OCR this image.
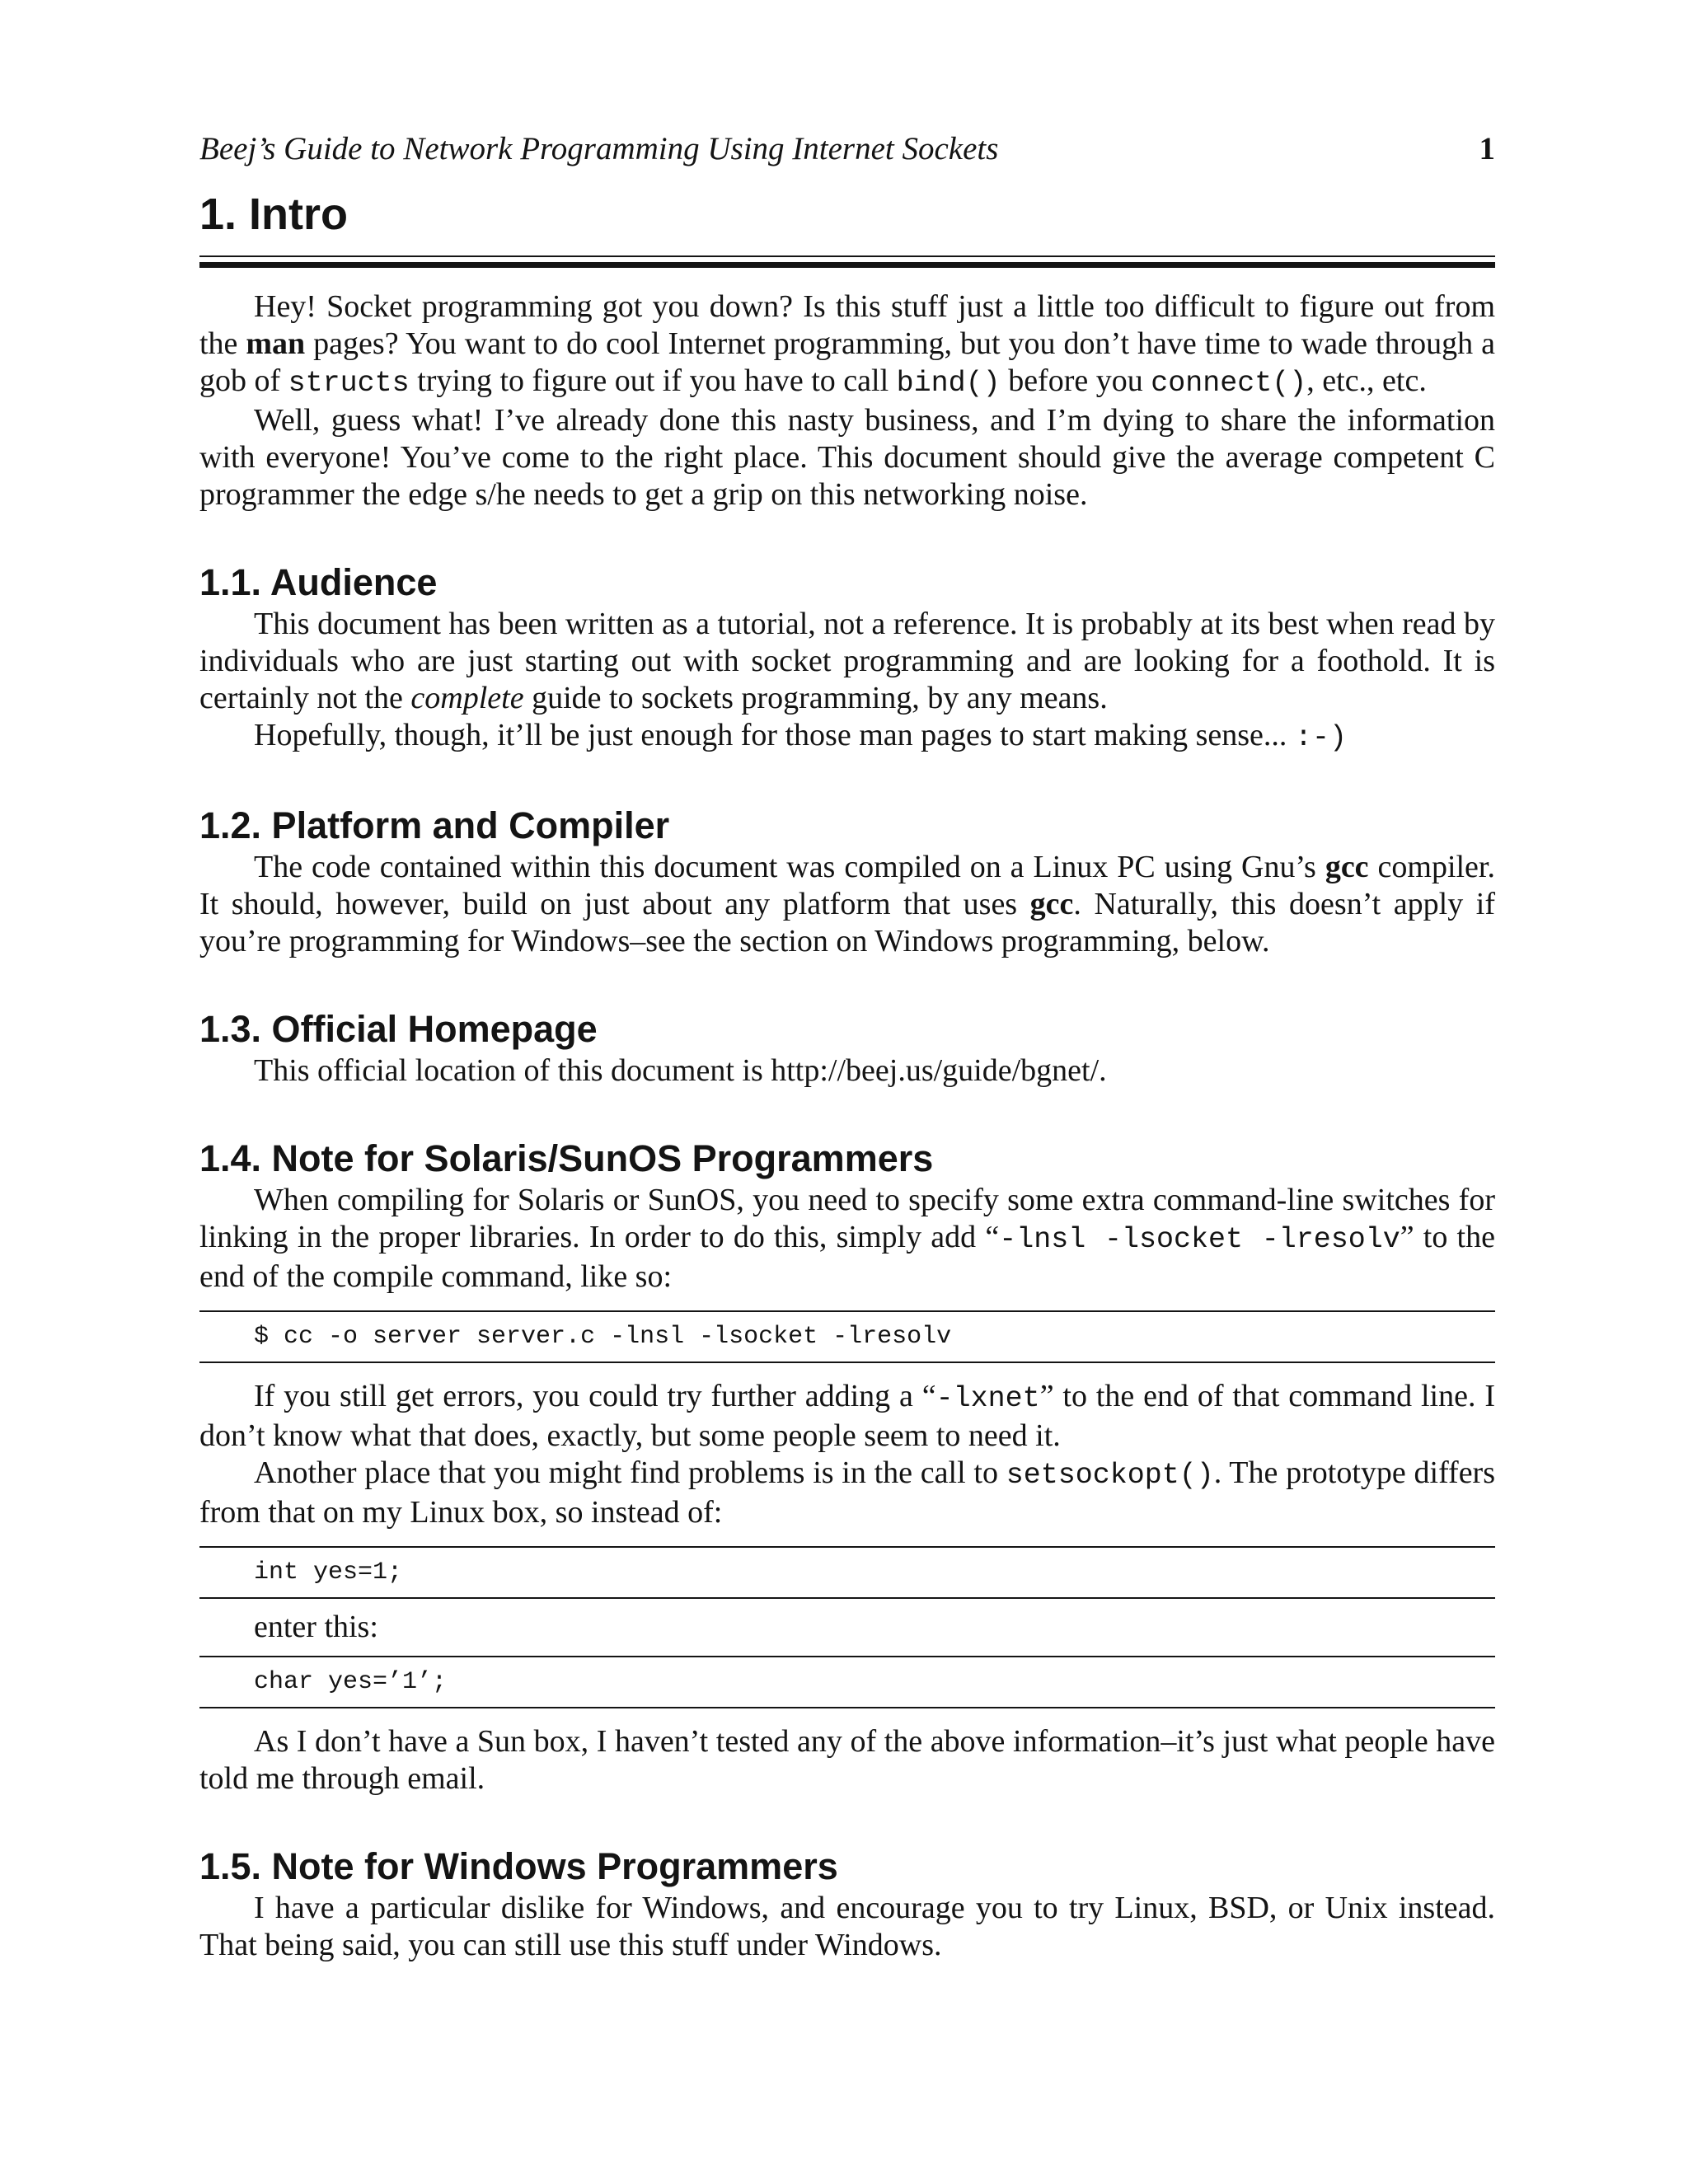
Beej’s Guide to Network Programming Using Internet Sockets	1
1. Intro

Hey! Socket programming got you down? Is this stuff just a little too difficult to figure out from the man pages? You want to do cool Internet programming, but you don’t have time to wade through a gob of structs trying to figure out if you have to call bind() before you connect(), etc., etc.

Well, guess what! I’ve already done this nasty business, and I’m dying to share the information with everyone! You’ve come to the right place. This document should give the average competent C programmer the edge s/he needs to get a grip on this networking noise.

1.1. Audience

This document has been written as a tutorial, not a reference. It is probably at its best when read by individuals who are just starting out with socket programming and are looking for a foothold. It is certainly not the complete guide to sockets programming, by any means.

Hopefully, though, it’ll be just enough for those man pages to start making sense... :-)

1.2. Platform and Compiler

The code contained within this document was compiled on a Linux PC using Gnu’s gcc compiler. It should, however, build on just about any platform that uses gcc. Naturally, this doesn’t apply if you’re programming for Windows–see the section on Windows programming, below.

1.3. Official Homepage

This official location of this document is http://beej.us/guide/bgnet/.

1.4. Note for Solaris/SunOS Programmers

When compiling for Solaris or SunOS, you need to specify some extra command-line switches for linking in the proper libraries. In order to do this, simply add “-lnsl -lsocket -lresolv” to the end of the compile command, like so:

$ cc -o server server.c -lnsl -lsocket -lresolv

If you still get errors, you could try further adding a “-lxnet” to the end of that command line. I don’t know what that does, exactly, but some people seem to need it.

Another place that you might find problems is in the call to setsockopt(). The prototype differs from that on my Linux box, so instead of:

int yes=1;
enter this:
char yes=’1’;

As I don’t have a Sun box, I haven’t tested any of the above information–it’s just what people have told me through email.

1.5. Note for Windows Programmers

I have a particular dislike for Windows, and encourage you to try Linux, BSD, or Unix instead. That being said, you can still use this stuff under Windows.
